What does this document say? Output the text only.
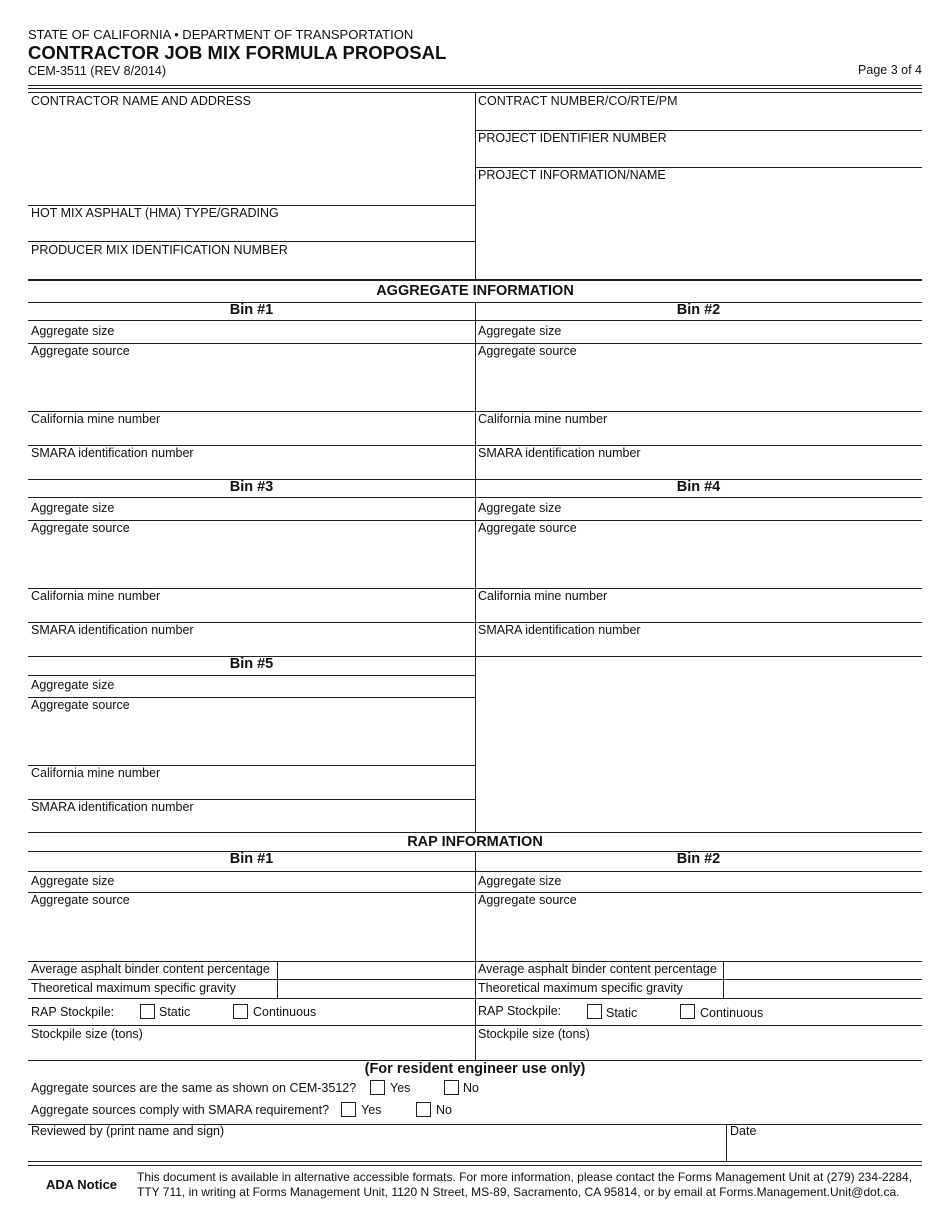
STATE OF CALIFORNIA • DEPARTMENT OF TRANSPORTATION
CONTRACTOR JOB MIX FORMULA PROPOSAL
CEM-3511 (REV 8/2014)	Page 3 of 4
CONTRACTOR NAME AND ADDRESS
HOT MIX ASPHALT (HMA) TYPE/GRADING
PRODUCER MIX IDENTIFICATION NUMBER
CONTRACT NUMBER/CO/RTE/PM
PROJECT IDENTIFIER NUMBER
PROJECT INFORMATION/NAME
AGGREGATE INFORMATION
Bin #1
Aggregate size
Aggregate source
California mine number
SMARA identification number
Bin #2
Aggregate size
Aggregate source
California mine number
SMARA identification number
Bin #3
Aggregate size
Aggregate source
California mine number
SMARA identification number
Bin #4
Aggregate size
Aggregate source
California mine number
SMARA identification number
Bin #5
Aggregate size
Aggregate source
California mine number
SMARA identification number
RAP INFORMATION
Bin #1
Aggregate size
Aggregate source
Average asphalt binder content percentage
Theoretical maximum specific gravity
RAP Stockpile:	Static	Continuous
Stockpile size (tons)
Bin #2
Aggregate size
Aggregate source
Average asphalt binder content percentage
Theoretical maximum specific gravity
RAP Stockpile:	Static	Continuous
Stockpile size (tons)
(For resident engineer use only)
Aggregate sources are the same as shown on CEM-3512?	Yes	No
Aggregate sources comply with SMARA requirement?	Yes	No
Reviewed by (print name and sign)	Date
ADA Notice This document is available in alternative accessible formats. For more information, please contact the Forms Management Unit at (279) 234-2284,
TTY 711, in writing at Forms Management Unit, 1120 N Street, MS-89, Sacramento, CA 95814, or by email at Forms.Management.Unit@dot.ca.
